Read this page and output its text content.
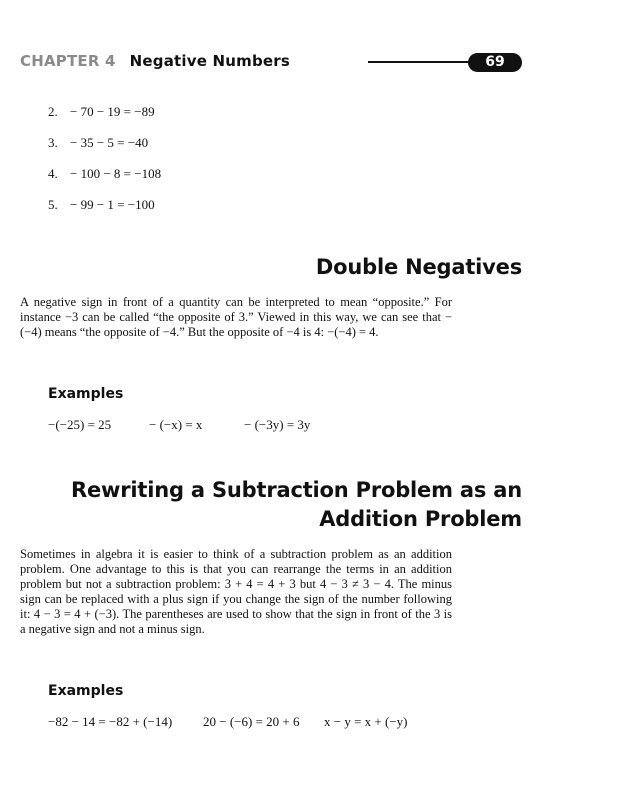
CHAPTER 4 Negative Numbers	69
2. − 70 − 19 = −89
3. − 35 − 5 = −40
4. − 100 − 8 = −108
5. − 99 − 1 = −100
Double Negatives

A negative sign in front of a quantity can be interpreted to mean “opposite.” For instance −3 can be called “the opposite of 3.” Viewed in this way, we can see that −(−4) means “the opposite of −4.” But the opposite of −4 is 4: −(−4) = 4.

Examples
−(−25) = 25	− (−x) = x	− (−3y) = 3y
Rewriting a Subtraction Problem as an
Addition Problem

Sometimes in algebra it is easier to think of a subtraction problem as an addition problem. One advantage to this is that you can rearrange the terms in an addition problem but not a subtraction problem: 3 + 4 = 4 + 3 but 4 − 3 ≠ 3 − 4. The minus sign can be replaced with a plus sign if you change the sign of the number following it: 4 − 3 = 4 + (−3). The parentheses are used to show that the sign in front of the 3 is a negative sign and not a minus sign.

Examples
−82 − 14 = −82 + (−14) 20 − (−6) = 20 + 6 x − y = x + (−y)
